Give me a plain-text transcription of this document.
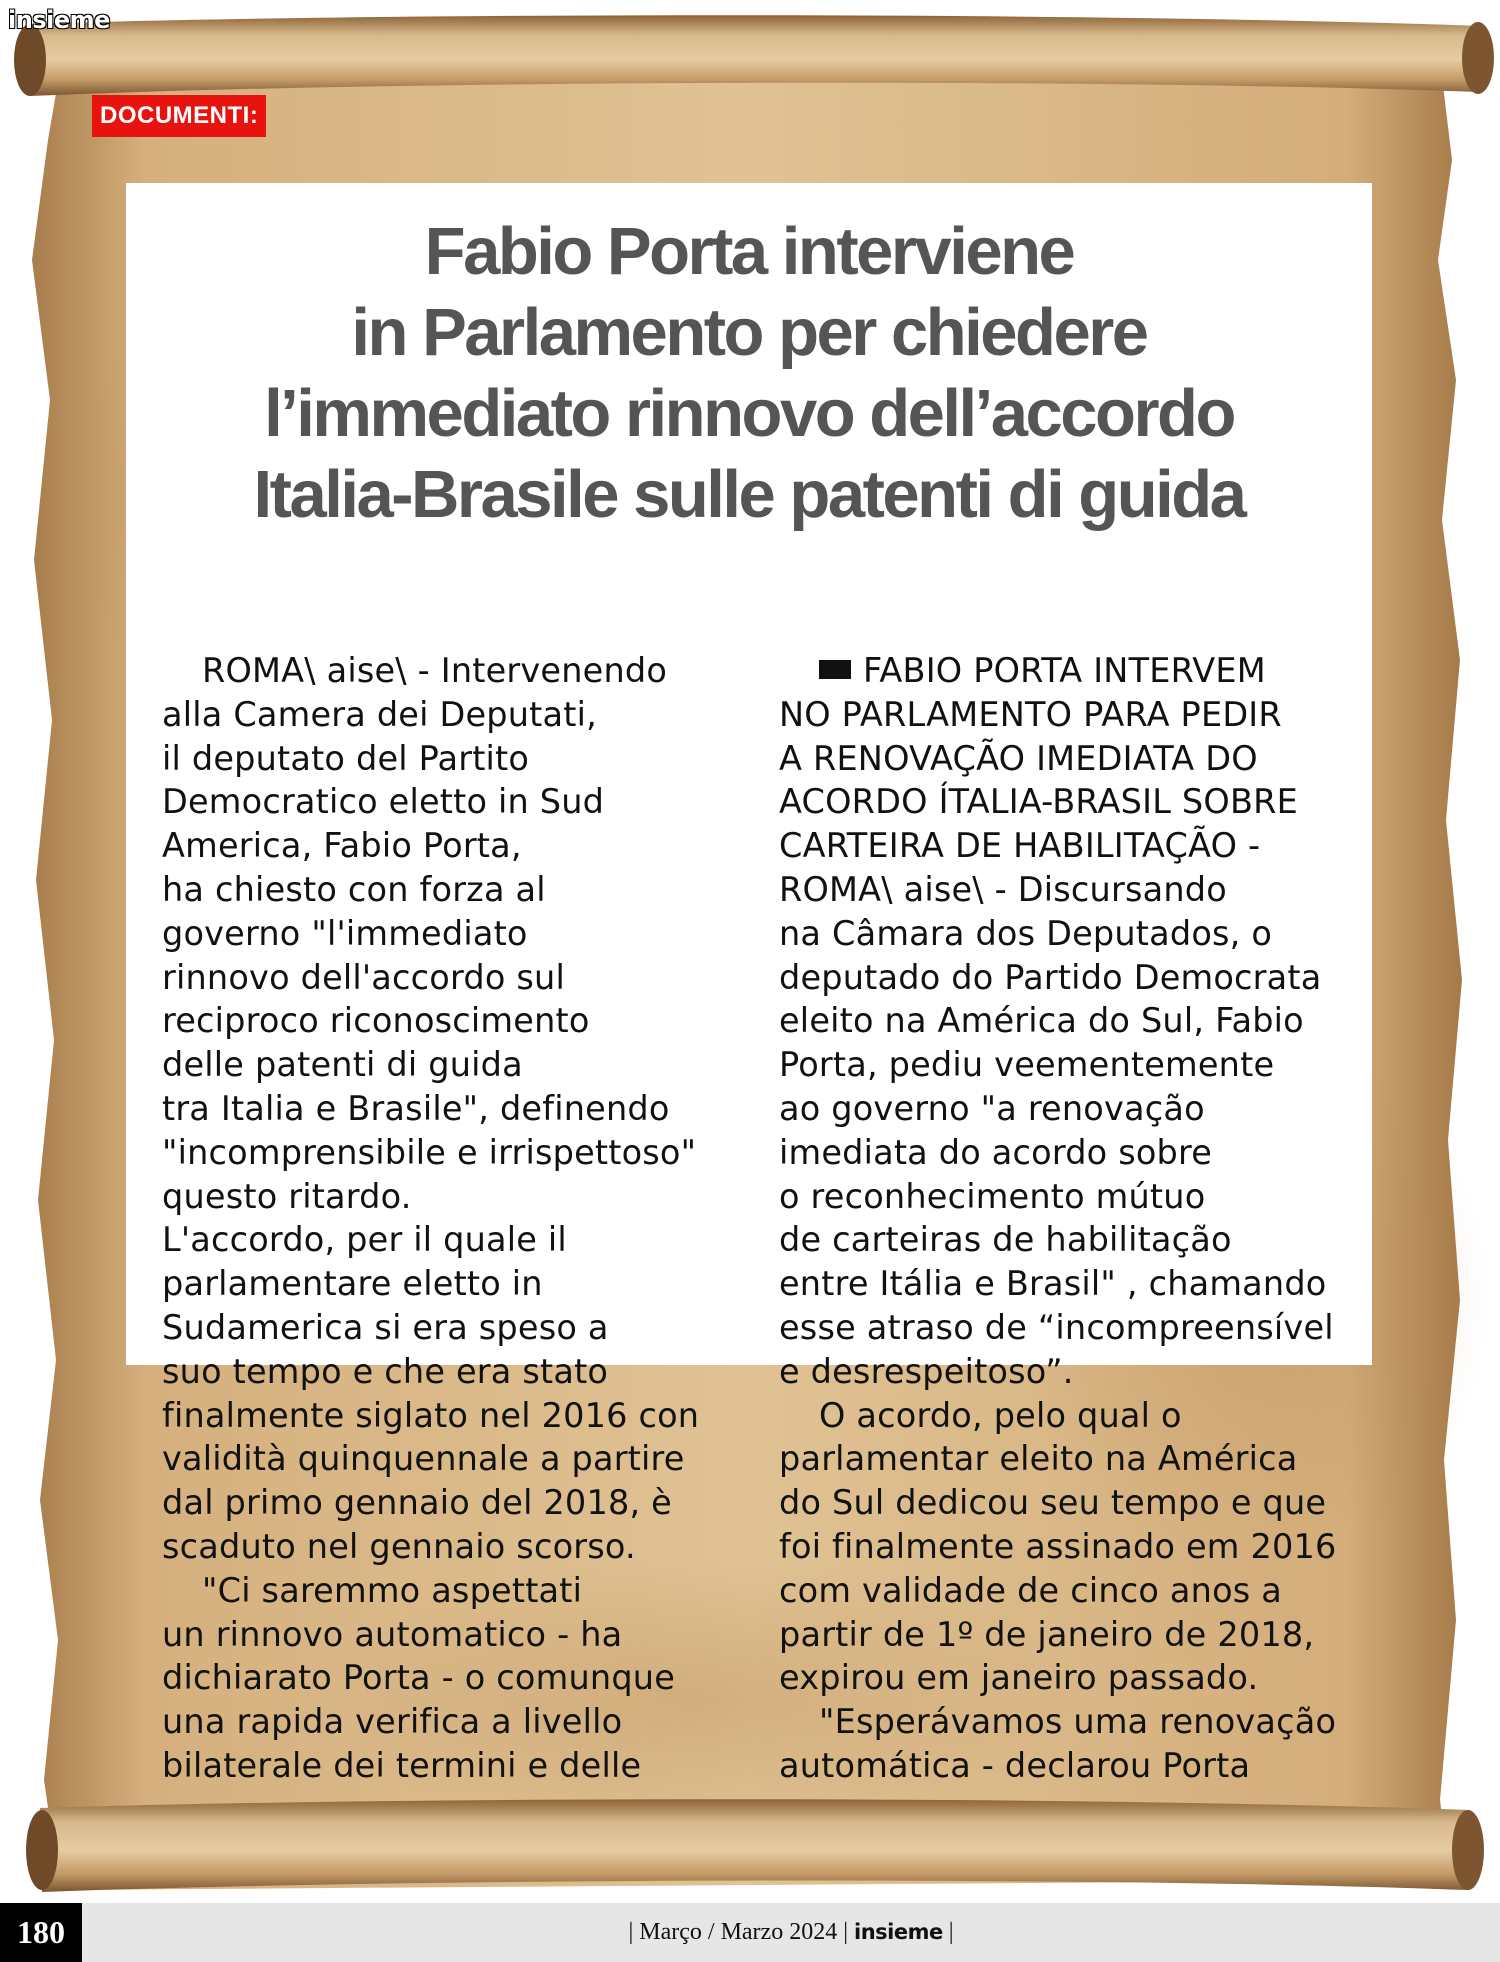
insieme
DOCUMENTI:
Fabio Porta interviene
in Parlamento per chiedere
l’immediato rinnovo dell’accordo
Italia-Brasile sulle patenti di guida
ROMA\ aise\ - Intervenendo
alla Camera dei Deputati,
il deputato del Partito
Democratico eletto in Sud
America, Fabio Porta,
ha chiesto con forza al
governo "l'immediato
rinnovo dell'accordo sul
reciproco riconoscimento
delle patenti di guida
tra Italia e Brasile", definendo
"incomprensibile e irrispettoso"
questo ritardo.
L'accordo, per il quale il
parlamentare eletto in
Sudamerica si era speso a
suo tempo e che era stato
finalmente siglato nel 2016 con
validità quinquennale a partire
dal primo gennaio del 2018, è
scaduto nel gennaio scorso.
"Ci saremmo aspettati
un rinnovo automatico - ha
dichiarato Porta - o comunque
una rapida verifica a livello
bilaterale dei termini e delle
FABIO PORTA INTERVEM
NO PARLAMENTO PARA PEDIR
A RENOVAÇÃO IMEDIATA DO
ACORDO ÍTALIA-BRASIL SOBRE
CARTEIRA DE HABILITAÇÃO -
ROMA\ aise\ - Discursando
na Câmara dos Deputados, o
deputado do Partido Democrata
eleito na América do Sul, Fabio
Porta, pediu veementemente
ao governo "a renovação
imediata do acordo sobre
o reconhecimento mútuo
de carteiras de habilitação
entre Itália e Brasil" , chamando
esse atraso de “incompreensível
e desrespeitoso”.
O acordo, pelo qual o
parlamentar eleito na América
do Sul dedicou seu tempo e que
foi finalmente assinado em 2016
com validade de cinco anos a
partir de 1º de janeiro de 2018,
expirou em janeiro passado.
"Esperávamos uma renovação
automática - declarou Porta
180	| Março / Marzo 2024 | insieme |
